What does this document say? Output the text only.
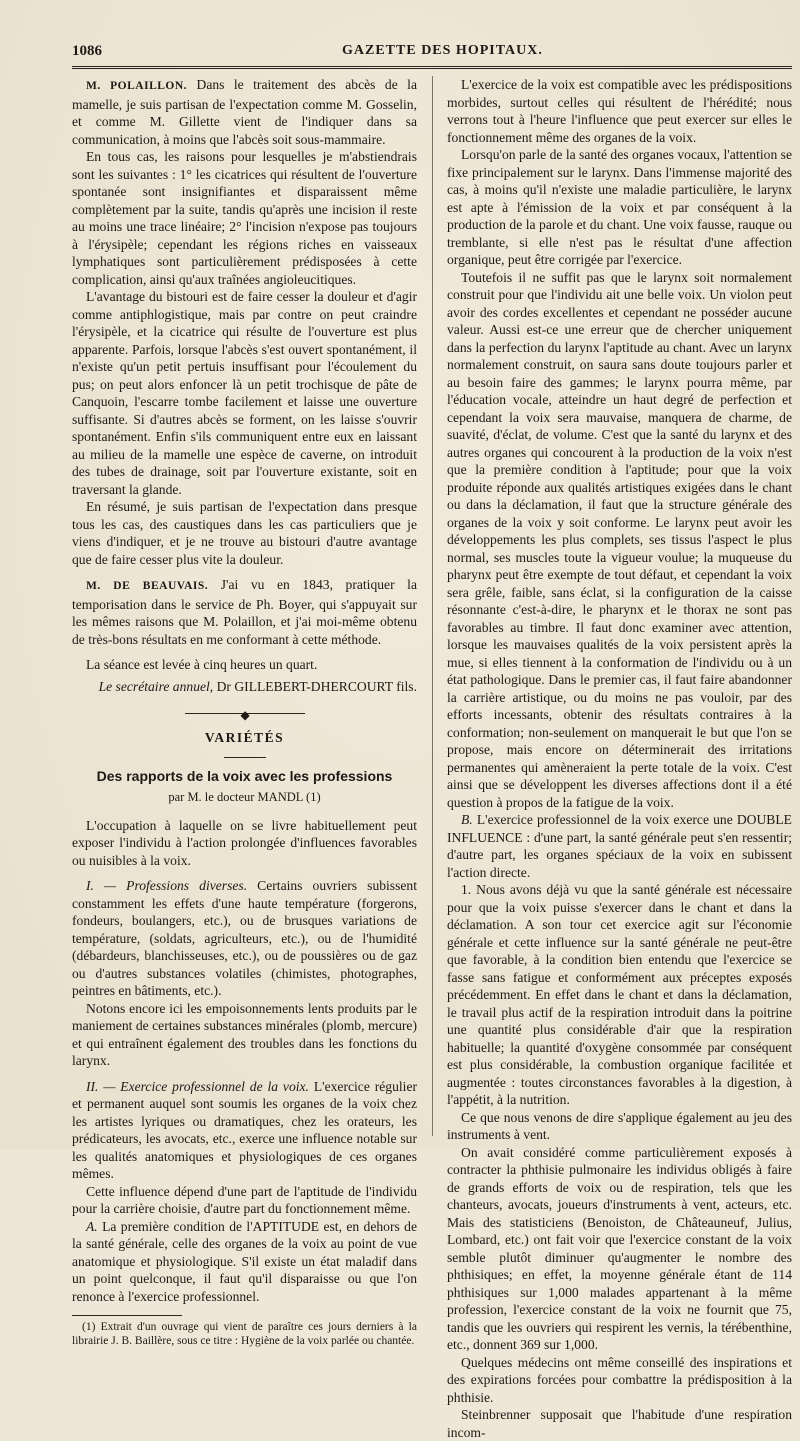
1086	GAZETTE DES HOPITAUX.

M. POLAILLON. Dans le traitement des abcès de la mamelle, je suis partisan de l'expectation comme M. Gosselin, et comme M. Gillette vient de l'indiquer dans sa communication, à moins que l'abcès soit sous-mammaire.

En tous cas, les raisons pour lesquelles je m'abstiendrais sont les suivantes : 1° les cicatrices qui résultent de l'ouverture spontanée sont insignifiantes et disparaissent même complètement par la suite, tandis qu'après une incision il reste au moins une trace linéaire; 2° l'incision n'expose pas toujours à l'érysipèle; cependant les régions riches en vaisseaux lymphatiques sont particulièrement prédisposées à cette complication, ainsi qu'aux traînées angioleucitiques.

L'avantage du bistouri est de faire cesser la douleur et d'agir comme antiphlogistique, mais par contre on peut craindre l'érysipèle, et la cicatrice qui résulte de l'ouverture est plus apparente. Parfois, lorsque l'abcès s'est ouvert spontanément, il n'existe qu'un petit pertuis insuffisant pour l'écoulement du pus; on peut alors enfoncer là un petit trochisque de pâte de Canquoin, l'escarre tombe facilement et laisse une ouverture suffisante. Si d'autres abcès se forment, on les laisse s'ouvrir spontanément. Enfin s'ils communiquent entre eux en laissant au milieu de la mamelle une espèce de caverne, on introduit des tubes de drainage, soit par l'ouverture existante, soit en traversant la glande.

En résumé, je suis partisan de l'expectation dans presque tous les cas, des caustiques dans les cas particuliers que je viens d'indiquer, et je ne trouve au bistouri d'autre avantage que de faire cesser plus vite la douleur.

M. DE BEAUVAIS. J'ai vu en 1843, pratiquer la temporisation dans le service de Ph. Boyer, qui s'appuyait sur les mêmes raisons que M. Polaillon, et j'ai moi-même obtenu de très-bons résultats en me conformant à cette méthode.

La séance est levée à cinq heures un quart.

Le secrétaire annuel, Dr GILLEBERT-DHERCOURT fils.

◆
VARIÉTÉS
Des rapports de la voix avec les professions
par M. le docteur MANDL (1)

L'occupation à laquelle on se livre habituellement peut exposer l'individu à l'action prolongée d'influences favorables ou nuisibles à la voix.

I. — Professions diverses. Certains ouvriers subissent constamment les effets d'une haute température (forgerons, fondeurs, boulangers, etc.), ou de brusques variations de température, (soldats, agriculteurs, etc.), ou de l'humidité (débardeurs, blanchisseuses, etc.), ou de poussières ou de gaz ou d'autres substances volatiles (chimistes, photographes, peintres en bâtiments, etc.).

Notons encore ici les empoisonnements lents produits par le maniement de certaines substances minérales (plomb, mercure) et qui entraînent également des troubles dans les fonctions du larynx.

II. — Exercice professionnel de la voix. L'exercice régulier et permanent auquel sont soumis les organes de la voix chez les artistes lyriques ou dramatiques, chez les orateurs, les prédicateurs, les avocats, etc., exerce une influence notable sur les qualités anatomiques et physiologiques de ces organes mêmes.

Cette influence dépend d'une part de l'aptitude de l'individu pour la carrière choisie, d'autre part du fonctionnement même.

A. La première condition de l'APTITUDE est, en dehors de la santé générale, celle des organes de la voix au point de vue anatomique et physiologique. S'il existe un état maladif dans un point quelconque, il faut qu'il disparaisse ou que l'on renonce à l'exercice professionnel.

(1) Extrait d'un ouvrage qui vient de paraître ces jours derniers à la librairie J. B. Baillère, sous ce titre : Hygiène de la voix parlée ou chantée.

L'exercice de la voix est compatible avec les prédispositions morbides, surtout celles qui résultent de l'hérédité; nous verrons tout à l'heure l'influence que peut exercer sur elles le fonctionnement même des organes de la voix.

Lorsqu'on parle de la santé des organes vocaux, l'attention se fixe principalement sur le larynx. Dans l'immense majorité des cas, à moins qu'il n'existe une maladie particulière, le larynx est apte à l'émission de la voix et par conséquent à la production de la parole et du chant. Une voix fausse, rauque ou tremblante, si elle n'est pas le résultat d'une affection organique, peut être corrigée par l'exercice.

Toutefois il ne suffit pas que le larynx soit normalement construit pour que l'individu ait une belle voix. Un violon peut avoir des cordes excellentes et cependant ne posséder aucune valeur. Aussi est-ce une erreur que de chercher uniquement dans la perfection du larynx l'aptitude au chant. Avec un larynx normalement construit, on saura sans doute toujours parler et au besoin faire des gammes; le larynx pourra même, par l'éducation vocale, atteindre un haut degré de perfection et cependant la voix sera mauvaise, manquera de charme, de suavité, d'éclat, de volume. C'est que la santé du larynx et des autres organes qui concourent à la production de la voix n'est que la première condition à l'aptitude; pour que la voix produite réponde aux qualités artistiques exigées dans le chant ou dans la déclamation, il faut que la structure générale des organes de la voix y soit conforme. Le larynx peut avoir les développements les plus complets, ses tissus l'aspect le plus normal, ses muscles toute la vigueur voulue; la muqueuse du pharynx peut être exempte de tout défaut, et cependant la voix sera grêle, faible, sans éclat, si la configuration de la caisse résonnante c'est-à-dire, le pharynx et le thorax ne sont pas favorables au timbre. Il faut donc examiner avec attention, lorsque les mauvaises qualités de la voix persistent après la mue, si elles tiennent à la conformation de l'individu ou à un état pathologique. Dans le premier cas, il faut faire abandonner la carrière artistique, ou du moins ne pas vouloir, par des efforts incessants, obtenir des résultats contraires à la conformation; non-seulement on manquerait le but que l'on se propose, mais encore on déterminerait des irritations permanentes qui amèneraient la perte totale de la voix. C'est ainsi que se développent les diverses affections dont il a été question à propos de la fatigue de la voix.

B. L'exercice professionnel de la voix exerce une DOUBLE INFLUENCE : d'une part, la santé générale peut s'en ressentir; d'autre part, les organes spéciaux de la voix en subissent l'action directe.

1. Nous avons déjà vu que la santé générale est nécessaire pour que la voix puisse s'exercer dans le chant et dans la déclamation. A son tour cet exercice agit sur l'économie générale et cette influence sur la santé générale ne peut-être que favorable, à la condition bien entendu que l'exercice se fasse sans fatigue et conformément aux préceptes exposés précédemment. En effet dans le chant et dans la déclamation, le travail plus actif de la respiration introduit dans la poitrine une quantité plus considérable d'air que la respiration habituelle; la quantité d'oxygène consommée par conséquent est plus considérable, la combustion organique facilitée et augmentée : toutes circonstances favorables à la digestion, à l'appétit, à la nutrition.

Ce que nous venons de dire s'applique également au jeu des instruments à vent.

On avait considéré comme particulièrement exposés à contracter la phthisie pulmonaire les individus obligés à faire de grands efforts de voix ou de respiration, tels que les chanteurs, avocats, joueurs d'instruments à vent, acteurs, etc. Mais des statisticiens (Benoiston, de Châteauneuf, Julius, Lombard, etc.) ont fait voir que l'exercice constant de la voix semble plutôt diminuer qu'augmenter le nombre des phthisiques; en effet, la moyenne générale étant de 114 phthisiques sur 1,000 malades appartenant à la même profession, l'exercice constant de la voix ne fournit que 75, tandis que les ouvriers qui respirent les vernis, la térébenthine, etc., donnent 369 sur 1,000.

Quelques médecins ont même conseillé des inspirations et des expirations forcées pour combattre la prédisposition à la phthisie.

Steinbrenner supposait que l'habitude d'une respiration incom-
